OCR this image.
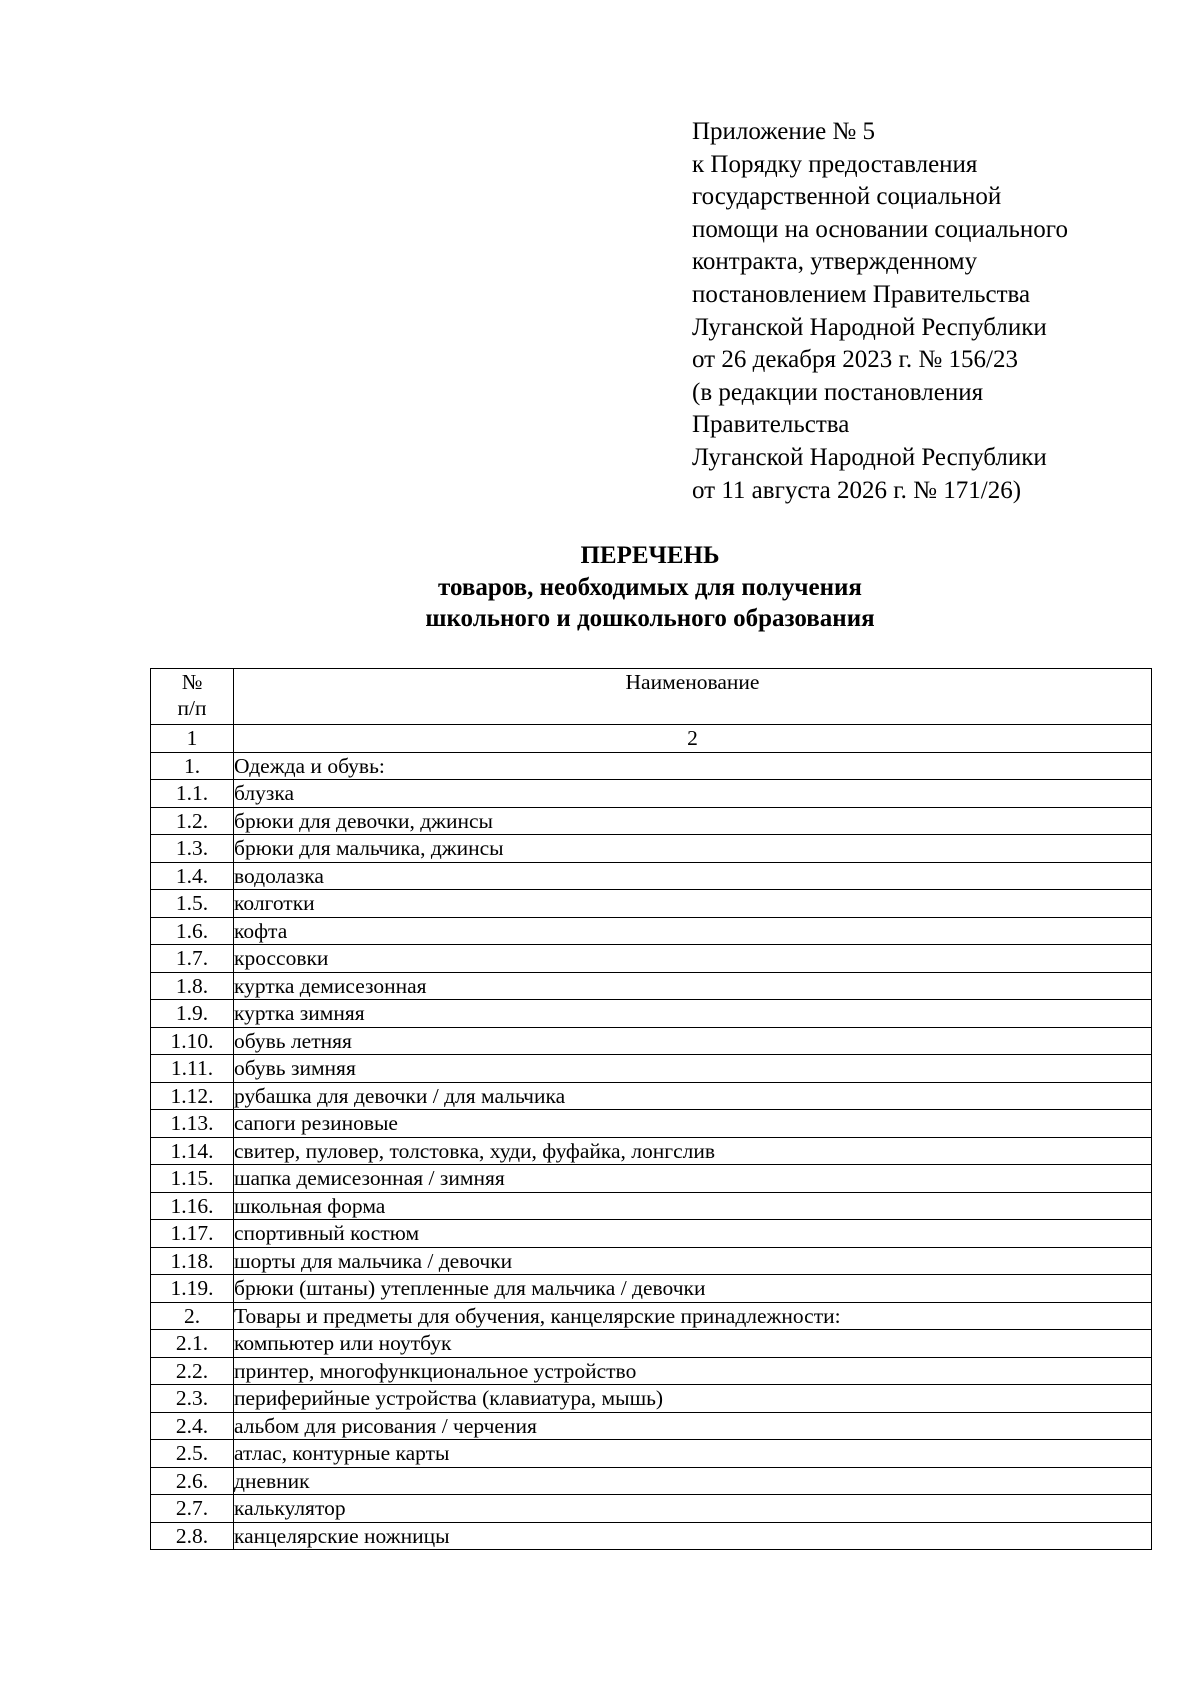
Приложение № 5
к Порядку предоставления
государственной социальной
помощи на основании социального
контракта, утвержденному
постановлением Правительства
Луганской Народной Республики
от 26 декабря 2023 г. № 156/23
(в редакции постановления
Правительства
Луганской Народной Республики
от 11 августа 2026 г. № 171/26)
ПЕРЕЧЕНЬ
товаров, необходимых для получения
школьного и дошкольного образования
№
п/п	Наименование
1	2
1.	Одежда и обувь:
1.1.	блузка
1.2.	брюки для девочки, джинсы
1.3.	брюки для мальчика, джинсы
1.4.	водолазка
1.5.	колготки
1.6.	кофта
1.7.	кроссовки
1.8.	куртка демисезонная
1.9.	куртка зимняя
1.10.	обувь летняя
1.11.	обувь зимняя
1.12.	рубашка для девочки / для мальчика
1.13.	сапоги резиновые
1.14.	свитер, пуловер, толстовка, худи, фуфайка, лонгслив
1.15.	шапка демисезонная / зимняя
1.16.	школьная форма
1.17.	спортивный костюм
1.18.	шорты для мальчика / девочки
1.19.	брюки (штаны) утепленные для мальчика / девочки
2.	Товары и предметы для обучения, канцелярские принадлежности:
2.1.	компьютер или ноутбук
2.2.	принтер, многофункциональное устройство
2.3.	периферийные устройства (клавиатура, мышь)
2.4.	альбом для рисования / черчения
2.5.	атлас, контурные карты
2.6.	дневник
2.7.	калькулятор
2.8.	канцелярские ножницы
